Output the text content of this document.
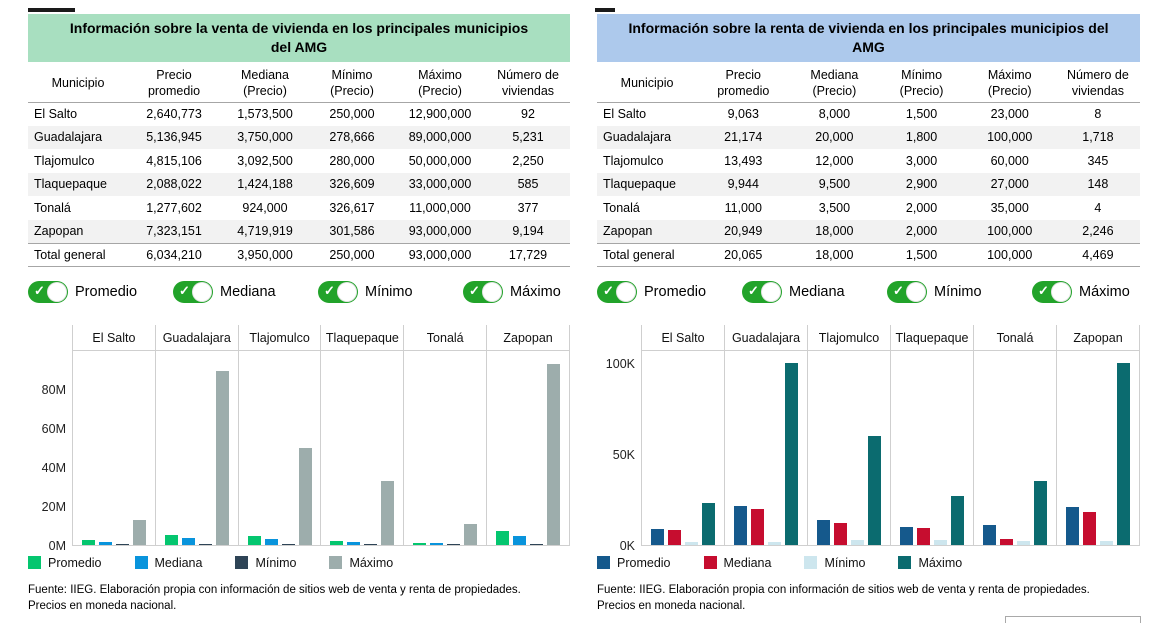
Información sobre la venta de vivienda en los principales municipios del AMG
Municipio	Precio promedio	Mediana (Precio)	Mínimo (Precio)	Máximo (Precio)	Número de viviendas
El Salto	2,640,773	1,573,500	250,000	12,900,000	92
Guadalajara	5,136,945	3,750,000	278,666	89,000,000	5,231
Tlajomulco	4,815,106	3,092,500	280,000	50,000,000	2,250
Tlaquepaque	2,088,022	1,424,188	326,609	33,000,000	585
Tonalá	1,277,602	924,000	326,617	11,000,000	377
Zapopan	7,323,151	4,719,919	301,586	93,000,000	9,194
Total general	6,034,210	3,950,000	250,000	93,000,000	17,729
✓ Promedio	✓ Mediana	✓ Mínimo	✓ Máximo
El Salto	Guadalajara	Tlajomulco	Tlaquepaque	Tonalá	Zapopan
0M
20M
40M
60M
80M
Promedio	Mediana	Mínimo	Máximo
Fuente: IIEG. Elaboración propia con información de sitios web de venta y renta de propiedades.
Precios en moneda nacional.
Información sobre la renta de vivienda en los principales municipios del AMG
Municipio	Precio promedio	Mediana (Precio)	Mínimo (Precio)	Máximo (Precio)	Número de viviendas
El Salto	9,063	8,000	1,500	23,000	8
Guadalajara	21,174	20,000	1,800	100,000	1,718
Tlajomulco	13,493	12,000	3,000	60,000	345
Tlaquepaque	9,944	9,500	2,900	27,000	148
Tonalá	11,000	3,500	2,000	35,000	4
Zapopan	20,949	18,000	2,000	100,000	2,246
Total general	20,065	18,000	1,500	100,000	4,469
✓ Promedio	✓ Mediana	✓ Mínimo	✓ Máximo
El Salto	Guadalajara	Tlajomulco	Tlaquepaque	Tonalá	Zapopan
0K
50K
100K
Promedio	Mediana	Mínimo	Máximo
Fuente: IIEG. Elaboración propia con información de sitios web de venta y renta de propiedades.
Precios en moneda nacional.
